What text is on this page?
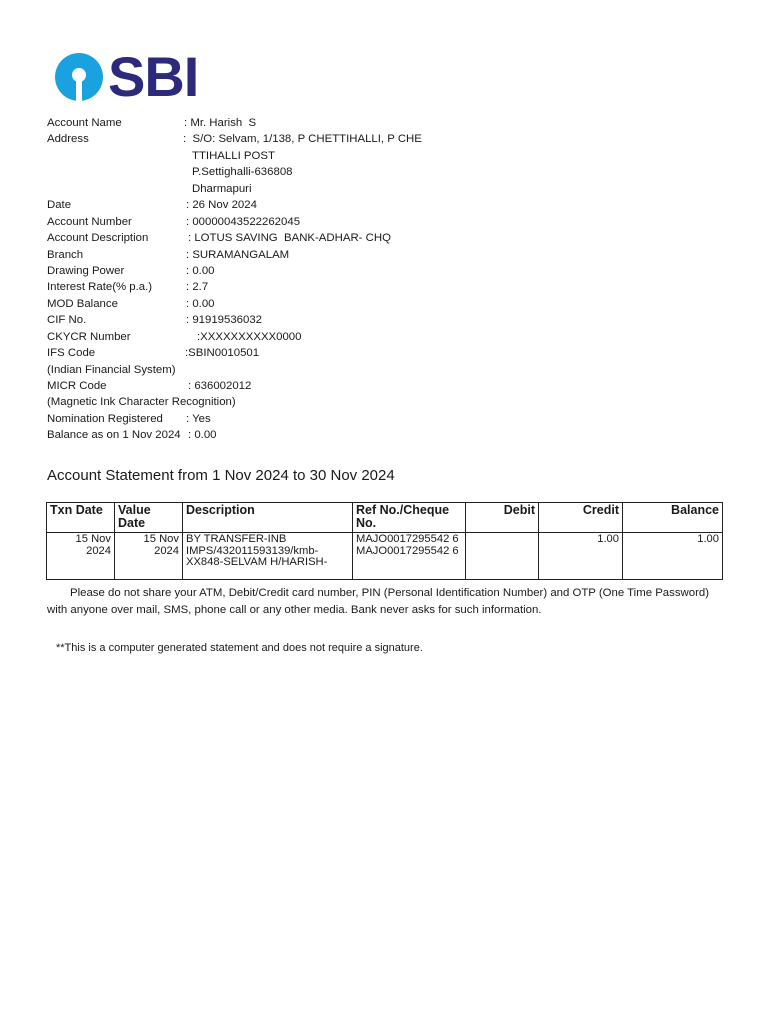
SBI
Account Name	: Mr. Harish  S
Address	:  S/O: Selvam, 1/138, P CHETTIHALLI, P CHE
TTIHALLI POST
P.Settighalli-636808
Dharmapuri
Date	: 26 Nov 2024
Account Number	: 00000043522262045
Account Description	: LOTUS SAVING  BANK-ADHAR- CHQ
Branch	: SURAMANGALAM
Drawing Power	: 0.00
Interest Rate(% p.a.)	: 2.7
MOD Balance	: 0.00
CIF No.	: 91919536032
CKYCR Number	:XXXXXXXXXX0000
IFS Code	:SBIN0010501
(Indian Financial System)
MICR Code	: 636002012
(Magnetic Ink Character Recognition)
Nomination Registered : Yes
Balance as on 1 Nov 2024 : 0.00
Account Statement from 1 Nov 2024 to 30 Nov 2024
Txn Date	Value Date	Description	Ref No./Cheque No.	Debit	Credit	Balance
15 Nov 2024	15 Nov 2024	BY TRANSFER-INB IMPS/432011593139/kmb-XX848-SELVAM H/HARISH-	MAJO0017295542 6 MAJO0017295542 6		1.00	1.00
Please do not share your ATM, Debit/Credit card number, PIN (Personal Identification Number) and OTP (One Time Password) with anyone over mail, SMS, phone call or any other media. Bank never asks for such information.
**This is a computer generated statement and does not require a signature.
